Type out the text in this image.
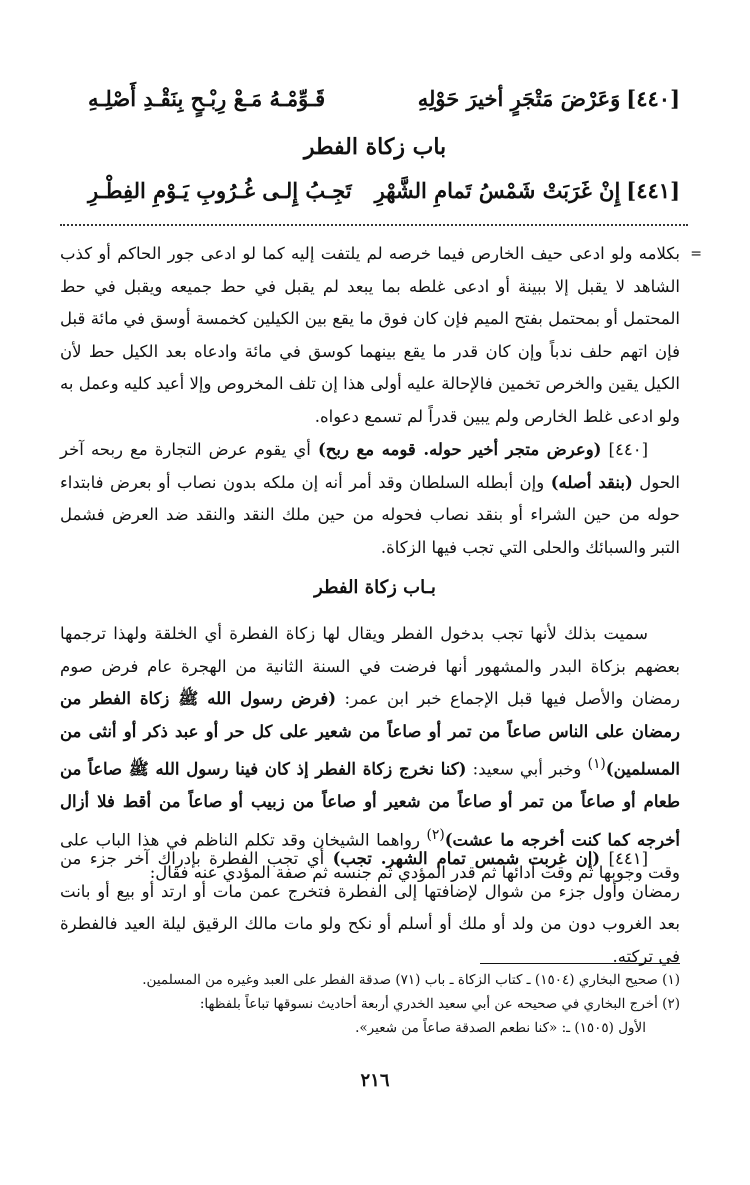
[٤٤٠]
وَعَرْضَ مَتْجَرٍ أخيرَ حَوْلِهِ
قَـوِّمْـهُ مَـعْ رِبْـحٍ بِنَقْـدِ أَصْلِـهِ
باب زكاة الفطر
[٤٤١]
إِنْ غَرَبَتْ شَمْسُ تَمامِ الشَّهْرِ
تَجِـبُ إِلـى غُـرُوبِ يَـوْمِ الفِطْـرِ
=

بكلامه ولو ادعى حيف الخارص فيما خرصه لم يلتفت إليه كما لو ادعى جور الحاكم أو كذب الشاهد لا يقبل إلا ببينة أو ادعى غلطه بما يبعد لم يقبل في حط جميعه ويقبل في حط المحتمل أو بمحتمل بفتح الميم فإن كان فوق ما يقع بين الكيلين كخمسة أوسق في مائة قبل فإن اتهم حلف ندباً وإن كان قدر ما يقع بينهما كوسق في مائة وادعاه بعد الكيل حط لأن الكيل يقين والخرص تخمين فالإحالة عليه أولى هذا إن تلف المخروص وإلا أعيد كليه وعمل به ولو ادعى غلط الخارص ولم يبين قدراً لم تسمع دعواه.

[٤٤٠] (وعرض متجر أخير حوله. قومه مع ربح) أي يقوم عرض التجارة مع ربحه آخر الحول (بنقد أصله) وإن أبطله السلطان وقد أمر أنه إن ملكه بدون نصاب أو بعرض فابتداء حوله من حين الشراء أو بنقد نصاب فحوله من حين ملك النقد والنقد ضد العرض فشمل التبر والسبائك والحلى التي تجب فيها الزكاة.

بـاب زكاة الفطر

سميت بذلك لأنها تجب بدخول الفطر ويقال لها زكاة الفطرة أي الخلقة ولهذا ترجمها بعضهم بزكاة البدر والمشهور أنها فرضت في السنة الثانية من الهجرة عام فرض صوم رمضان والأصل فيها قبل الإجماع خبر ابن عمر: (فرض رسول الله ﷺ زكاة الفطر من رمضان على الناس صاعاً من تمر أو صاعاً من شعير على كل حر أو عبد ذكر أو أنثى من المسلمين)$^{(١)}$ وخبر أبي سعيد: (كنا نخرج زكاة الفطر إذ كان فينا رسول الله ﷺ صاعاً من طعام أو صاعاً من تمر أو صاعاً من شعير أو صاعاً من زبيب أو صاعاً من أقط فلا أزال أخرجه كما كنت أخرجه ما عشت)$^{(٢)}$ رواهما الشيخان وقد تكلم الناظم في هذا الباب على وقت وجوبها ثم وقت أدائها ثم قدر المؤدي ثم جنسه ثم صفة المؤدي عنه فقال:

[٤٤١] (إن غربت شمس تمام الشهر. تجب) أي تجب الفطرة بإدراك آخر جزء من رمضان وأول جزء من شوال لإضافتها إلى الفطرة فتخرج عمن مات أو ارتد أو بيع أو بانت بعد الغروب دون من ولد أو ملك أو أسلم أو نكح ولو مات مالك الرقيق ليلة العيد فالفطرة في تركته.

(١) صحيح البخاري (١٥٠٤) ـ كتاب الزكاة ـ باب (٧١) صدقة الفطر على العبد وغيره من المسلمين.

(٢) أخرج البخاري في صحيحه عن أبي سعيد الخدري أربعة أحاديث نسوقها تباعاً بلفظها:

الأول (١٥٠٥) ـ: «كنا نطعم الصدقة صاعاً من شعير».

٢١٦
